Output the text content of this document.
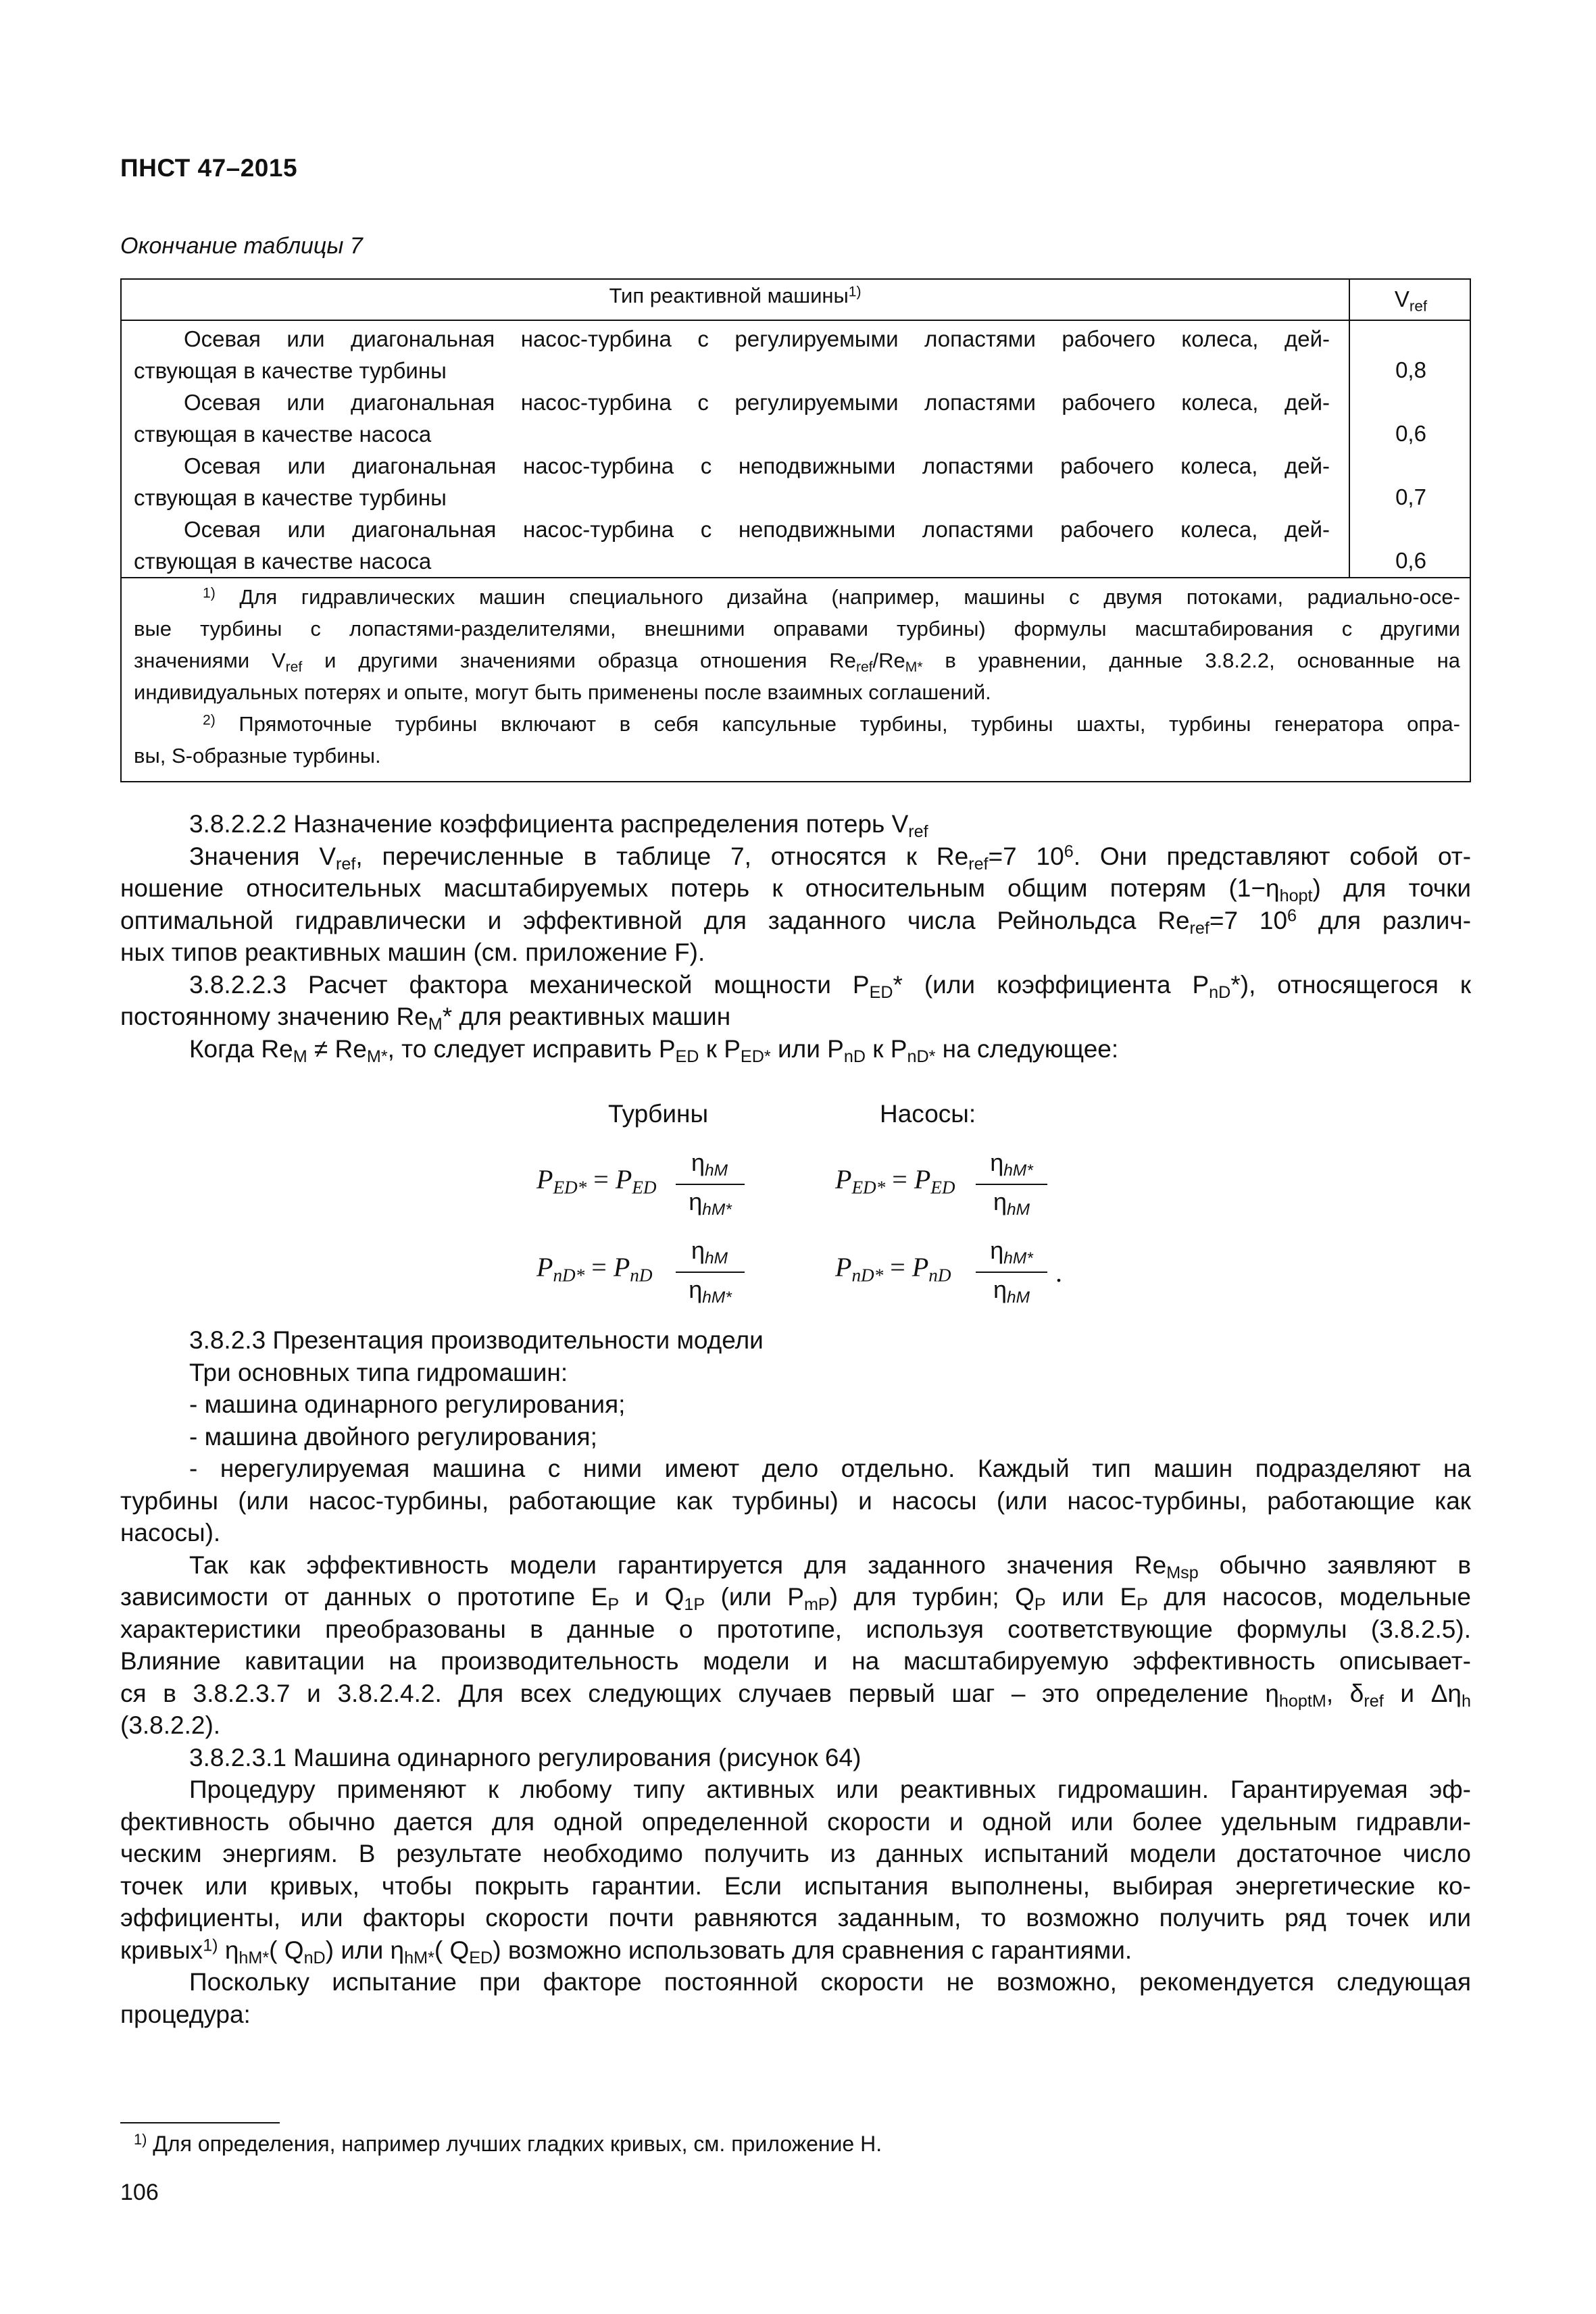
ПНСТ 47–2015
Окончание таблицы 7
Тип реактивной машины$^{1)}$	$V_{ref}$
Осевая или диагональная насос-турбина с регулируемыми лопастями рабочего колеса, дей-
ствующая в качестве турбины	0,8
Осевая или диагональная насос-турбина с регулируемыми лопастями рабочего колеса, дей-
ствующая в качестве насоса	0,6
Осевая или диагональная насос-турбина с неподвижными лопастями рабочего колеса, дей-
ствующая в качестве турбины	0,7
Осевая или диагональная насос-турбина с неподвижными лопастями рабочего колеса, дей-
ствующая в качестве насоса	0,6
$^{1)}$ Для гидравлических машин специального дизайна (например, машины с двумя потоками, радиально-осе-
вые турбины с лопастями-разделителями, внешними оправами турбины) формулы масштабирования с другими
значениями $V_{ref}$ и другими значениями образца отношения $Re_{ref}/Re_{M*}$ в уравнении, данные 3.8.2.2, основанные на
индивидуальных потерях и опыте, могут быть применены после взаимных соглашений.
$^{2)}$ Прямоточные турбины включают в себя капсульные турбины, турбины шахты, турбины генератора опра-
вы, S-образные турбины.
3.8.2.2.2 Назначение коэффициента распределения потерь $V_{ref}$
Значения $V_{ref}$, перечисленные в таблице 7, относятся к $Re_{ref}=7$ $10^6$. Они представляют собой от-
ношение относительных масштабируемых потерь к относительным общим потерям $(1-\eta_{hopt})$ для точки
оптимальной гидравлически и эффективной для заданного числа Рейнольдса $Re_{ref}=7$ $10^6$ для различ-
ных типов реактивных машин (см. приложение F).
3.8.2.2.3 Расчет фактора механической мощности $P_{ED}*$ (или коэффициента $P_{nD}*$), относящегося к
постоянному значению $Re_M*$ для реактивных машин
Когда $Re_M \ne Re_{M*}$, то следует исправить $P_{ED}$ к $P_{ED*}$ или $P_{nD}$ к $P_{nD*}$ на следующее:
Турбины	Насосы:
$P_{ED*} = P_{ED}$
$\eta_{hM}$
$\eta_{hM*}$
$P_{ED*} = P_{ED}$
$\eta_{hM*}$
$\eta_{hM}$
$P_{nD*} = P_{nD}$
$\eta_{hM}$
$\eta_{hM*}$
$P_{nD*} = P_{nD}$
$\eta_{hM*}$
$\eta_{hM}$
.
3.8.2.3 Презентация производительности модели
Три основных типа гидромашин:
- машина одинарного регулирования;
- машина двойного регулирования;
- нерегулируемая машина с ними имеют дело отдельно. Каждый тип машин подразделяют на
турбины (или насос-турбины, работающие как турбины) и насосы (или насос-турбины, работающие как
насосы).
Так как эффективность модели гарантируется для заданного значения $Re_{Msp}$ обычно заявляют в
зависимости от данных о прототипе $E_P$ и $Q_{1P}$ (или $P_{mP}$) для турбин; $Q_P$ или $E_P$ для насосов, модельные
характеристики преобразованы в данные о прототипе, используя соответствующие формулы (3.8.2.5).
Влияние кавитации на производительность модели и на масштабируемую эффективность описывает-
ся в 3.8.2.3.7 и 3.8.2.4.2. Для всех следующих случаев первый шаг – это определение $\eta_{hoptM}$, $\delta_{ref}$ и $\Delta\eta_h$
(3.8.2.2).
3.8.2.3.1 Машина одинарного регулирования (рисунок 64)
Процедуру применяют к любому типу активных или реактивных гидромашин. Гарантируемая эф-
фективность обычно дается для одной определенной скорости и одной или более удельным гидравли-
ческим энергиям. В результате необходимо получить из данных испытаний модели достаточное число
точек или кривых, чтобы покрыть гарантии. Если испытания выполнены, выбирая энергетические ко-
эффициенты, или факторы скорости почти равняются заданным, то возможно получить ряд точек или
кривых$^{1)}$ $\eta_{hM*}$( $Q_{nD}$) или $\eta_{hM*}$( $Q_{ED}$) возможно использовать для сравнения с гарантиями.
Поскольку испытание при факторе постоянной скорости не возможно, рекомендуется следующая
процедура:
$^{1)}$ Для определения, например лучших гладких кривых, см. приложение H.
106
